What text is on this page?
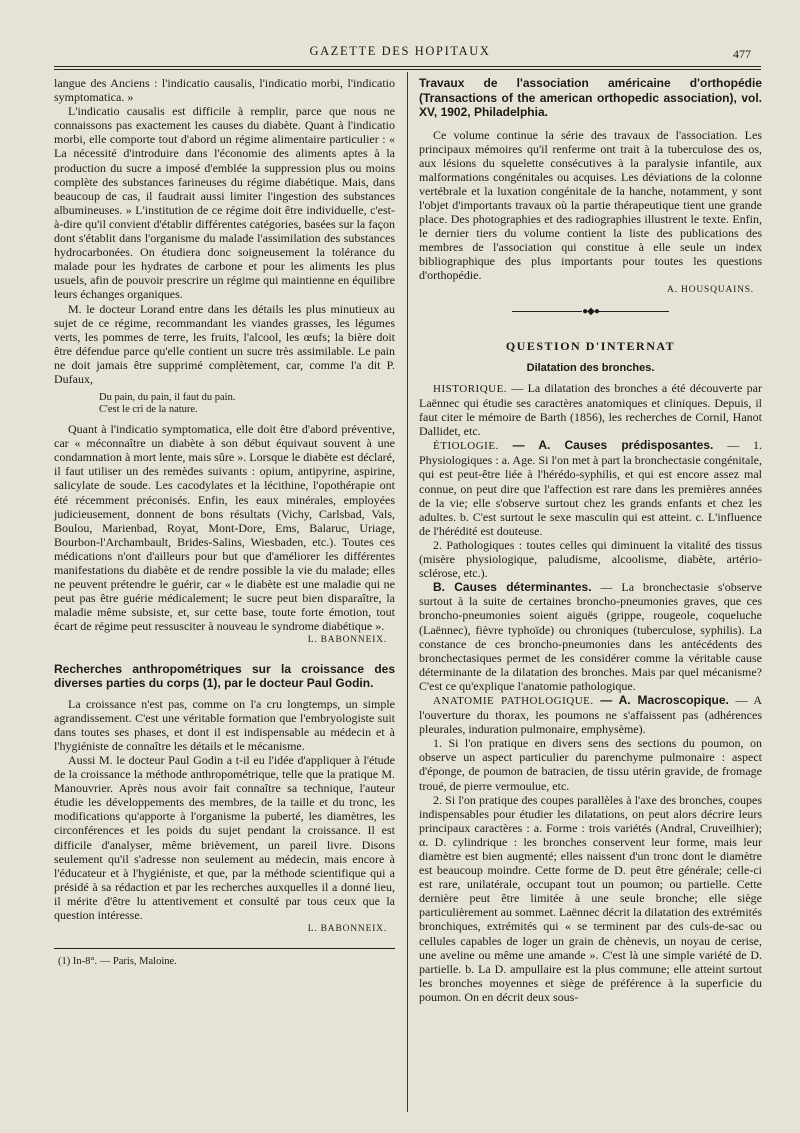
GAZETTE DES HOPITAUX	477

langue des Anciens : l'indicatio causalis, l'indicatio morbi, l'indicatio symptomatica. »

L'indicatio causalis est difficile à remplir, parce que nous ne connaissons pas exactement les causes du diabète. Quant à l'indicatio morbi, elle comporte tout d'abord un régime alimentaire particulier : « La nécessité d'introduire dans l'économie des aliments aptes à la production du sucre a imposé d'emblée la suppression plus ou moins complète des substances farineuses du régime diabétique. Mais, dans beaucoup de cas, il faudrait aussi limiter l'ingestion des substances albumineuses. » L'institution de ce régime doit être individuelle, c'est-à-dire qu'il convient d'établir différentes catégories, basées sur la façon dont s'établit dans l'organisme du malade l'assimilation des substances hydrocarbonées. On étudiera donc soigneusement la tolérance du malade pour les hydrates de carbone et pour les aliments les plus usuels, afin de pouvoir prescrire un régime qui maintienne en équilibre leurs échanges organiques.

M. le docteur Lorand entre dans les détails les plus minutieux au sujet de ce régime, recommandant les viandes grasses, les légumes verts, les pommes de terre, les fruits, l'alcool, les œufs; la bière doit être défendue parce qu'elle contient un sucre très assimilable. Le pain ne doit jamais être supprimé complètement, car, comme l'a dit P. Dufaux,

Du pain, du pain, il faut du pain.
C'est le cri de la nature.

Quant à l'indicatio symptomatica, elle doit être d'abord préventive, car « méconnaître un diabète à son début équivaut souvent à une condamnation à mort lente, mais sûre ». Lorsque le diabète est déclaré, il faut utiliser un des remèdes suivants : opium, antipyrine, aspirine, salicylate de soude. Les cacodylates et la lécithine, l'opothérapie ont été récemment préconisés. Enfin, les eaux minérales, employées judicieusement, donnent de bons résultats (Vichy, Carlsbad, Vals, Boulou, Marienbad, Royat, Mont-Dore, Ems, Balaruc, Uriage, Bourbon-l'Archambault, Brides-Salins, Wiesbaden, etc.). Toutes ces médications n'ont d'ailleurs pour but que d'améliorer les différentes manifestations du diabète et de rendre possible la vie du malade; elles ne peuvent prétendre le guérir, car « le diabète est une maladie qui ne peut pas être guérie médicalement; le sucre peut bien disparaître, la maladie même subsiste, et, sur cette base, toute forte émotion, tout écart de régime peut ressusciter à nouveau le syndrome diabétique ».

L. BABONNEIX.
Recherches anthropométriques sur la croissance des diverses parties du corps (1), par le docteur Paul Godin.

La croissance n'est pas, comme on l'a cru longtemps, un simple agrandissement. C'est une véritable formation que l'embryologiste suit dans toutes ses phases, et dont il est indispensable au médecin et à l'hygiéniste de connaître les détails et le mécanisme.

Aussi M. le docteur Paul Godin a t-il eu l'idée d'appliquer à l'étude de la croissance la méthode anthropométrique, telle que la pratique M. Manouvrier. Après nous avoir fait connaître sa technique, l'auteur étudie les développements des membres, de la taille et du tronc, les modifications qu'apporte à l'organisme la puberté, les diamètres, les circonférences et les poids du sujet pendant la croissance. Il est difficile d'analyser, même brièvement, un pareil livre. Disons seulement qu'il s'adresse non seulement au médecin, mais encore à l'éducateur et à l'hygiéniste, et que, par la méthode scientifique qui a présidé à sa rédaction et par les recherches auxquelles il a donné lieu, il mérite d'être lu attentivement et consulté par tous ceux que la question intéresse.

L. BABONNEIX.
(1) In-8°. — Paris, Maloine.
Travaux de l'association américaine d'orthopédie (Transactions of the american orthopedic association), vol. XV, 1902, Philadelphia.

Ce volume continue la série des travaux de l'association. Les principaux mémoires qu'il renferme ont trait à la tuberculose des os, aux lésions du squelette consécutives à la paralysie infantile, aux malformations congénitales ou acquises. Les déviations de la colonne vertébrale et la luxation congénitale de la hanche, notamment, y sont l'objet d'importants travaux où la partie thérapeutique tient une grande place. Des photographies et des radiographies illustrent le texte. Enfin, le dernier tiers du volume contient la liste des publications des membres de l'association qui constitue à elle seule un index bibliographique des plus importants pour toutes les questions d'orthopédie.

A. HOUSQUAINS.
●◆●
QUESTION D'INTERNAT
Dilatation des bronches.

HISTORIQUE. — La dilatation des bronches a été découverte par Laënnec qui étudie ses caractères anatomiques et cliniques. Depuis, il faut citer le mémoire de Barth (1856), les recherches de Cornil, Hanot Dallidet, etc.

ÉTIOLOGIE. — A. Causes prédisposantes. — 1. Physiologiques : a. Age. Si l'on met à part la bronchectasie congénitale, qui est peut-être liée à l'hérédo-syphilis, et qui est encore assez mal connue, on peut dire que l'affection est rare dans les premières années de la vie; elle s'observe surtout chez les grands enfants et chez les adultes. b. C'est surtout le sexe masculin qui est atteint. c. L'influence de l'hérédité est douteuse.

2. Pathologiques : toutes celles qui diminuent la vitalité des tissus (misère physiologique, paludisme, alcoolisme, diabète, artério-sclérose, etc.).

B. Causes déterminantes. — La bronchectasie s'observe surtout à la suite de certaines broncho-pneumonies graves, que ces broncho-pneumonies soient aiguës (grippe, rougeole, coqueluche (Laënnec), fièvre typhoïde) ou chroniques (tuberculose, syphilis). La constance de ces broncho-pneumonies dans les antécédents des bronchectasiques permet de les considérer comme la véritable cause déterminante de la dilatation des bronches. Mais par quel mécanisme? C'est ce qu'explique l'anatomie pathologique.

ANATOMIE PATHOLOGIQUE. — A. Macroscopique. — A l'ouverture du thorax, les poumons ne s'affaissent pas (adhérences pleurales, induration pulmonaire, emphysème).

1. Si l'on pratique en divers sens des sections du poumon, on observe un aspect particulier du parenchyme pulmonaire : aspect d'éponge, de poumon de batracien, de tissu utérin gravide, de fromage troué, de pierre vermoulue, etc.

2. Si l'on pratique des coupes parallèles à l'axe des bronches, coupes indispensables pour étudier les dilatations, on peut alors décrire leurs principaux caractères : a. Forme : trois variétés (Andral, Cruveilhier); α. D. cylindrique : les bronches conservent leur forme, mais leur diamètre est bien augmenté; elles naissent d'un tronc dont le diamètre est beaucoup moindre. Cette forme de D. peut être générale; celle-ci est rare, unilatérale, occupant tout un poumon; ou partielle. Cette dernière peut être limitée à une seule bronche; elle siège particulièrement au sommet. Laënnec décrit la dilatation des extrémités bronchiques, extrémités qui « se terminent par des culs-de-sac ou cellules capables de loger un grain de chènevis, un noyau de cerise, une aveline ou même une amande ». C'est là une simple variété de D. partielle. b. La D. ampullaire est la plus commune; elle atteint surtout les bronches moyennes et siège de préférence à la superficie du poumon. On en décrit deux sous-
